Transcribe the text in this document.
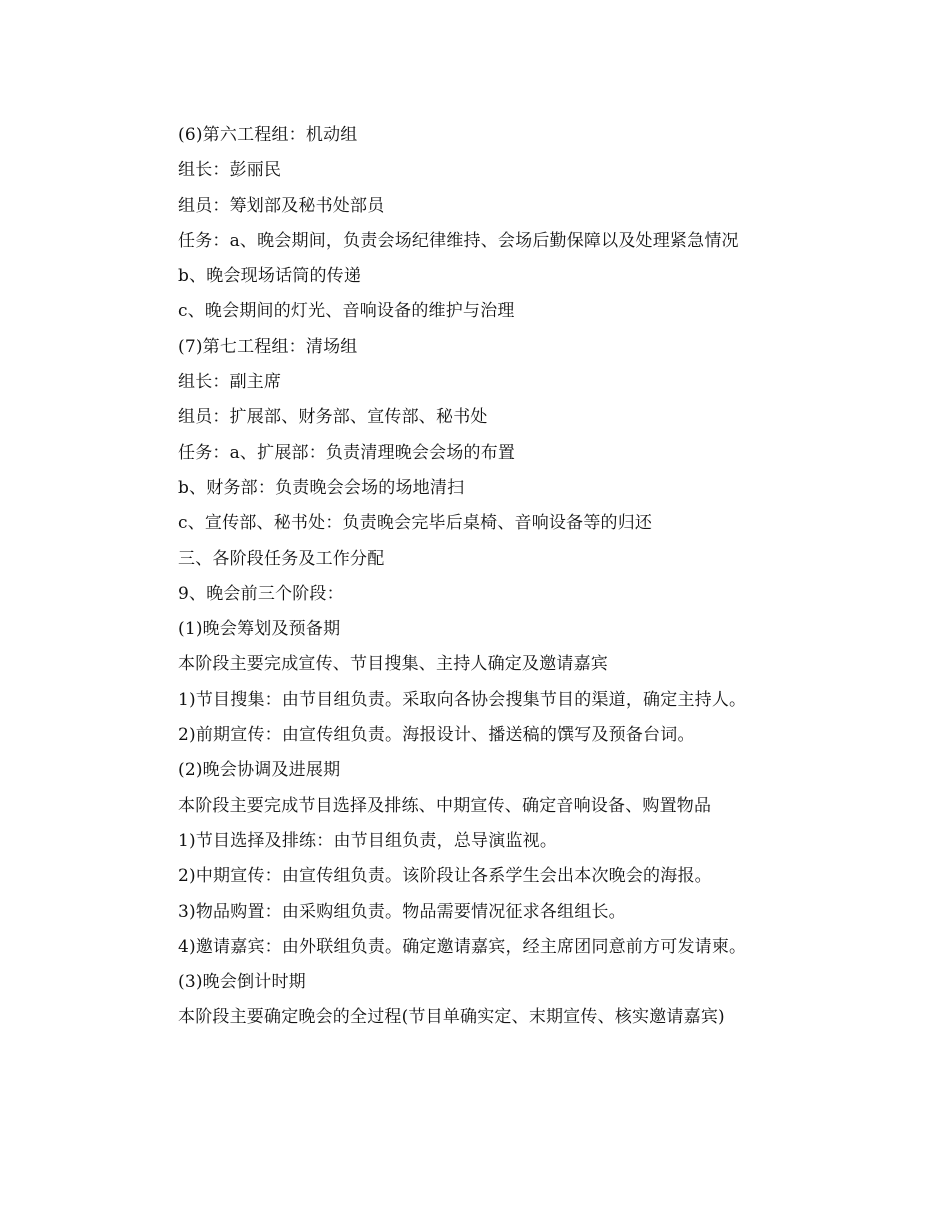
(6)第六工程组：机动组
组长：彭丽民
组员：筹划部及秘书处部员
任务：a、晚会期间，负责会场纪律维持、会场后勤保障以及处理紧急情况
b、晚会现场话筒的传递
c、晚会期间的灯光、音响设备的维护与治理
(7)第七工程组：清场组
组长：副主席
组员：扩展部、财务部、宣传部、秘书处
任务：a、扩展部：负责清理晚会会场的布置
b、财务部：负责晚会会场的场地清扫
c、宣传部、秘书处：负责晚会完毕后桌椅、音响设备等的归还
三、各阶段任务及工作分配
9、晚会前三个阶段：
(1)晚会筹划及预备期
本阶段主要完成宣传、节目搜集、主持人确定及邀请嘉宾
1)节目搜集：由节目组负责。采取向各协会搜集节目的渠道，确定主持人。
2)前期宣传：由宣传组负责。海报设计、播送稿的馔写及预备台词。
(2)晚会协调及进展期
本阶段主要完成节目选择及排练、中期宣传、确定音响设备、购置物品
1)节目选择及排练：由节目组负责，总导演监视。
2)中期宣传：由宣传组负责。该阶段让各系学生会出本次晚会的海报。
3)物品购置：由采购组负责。物品需要情况征求各组组长。
4)邀请嘉宾：由外联组负责。确定邀请嘉宾，经主席团同意前方可发请柬。
(3)晚会倒计时期
本阶段主要确定晚会的全过程(节目单确实定、末期宣传、核实邀请嘉宾)
